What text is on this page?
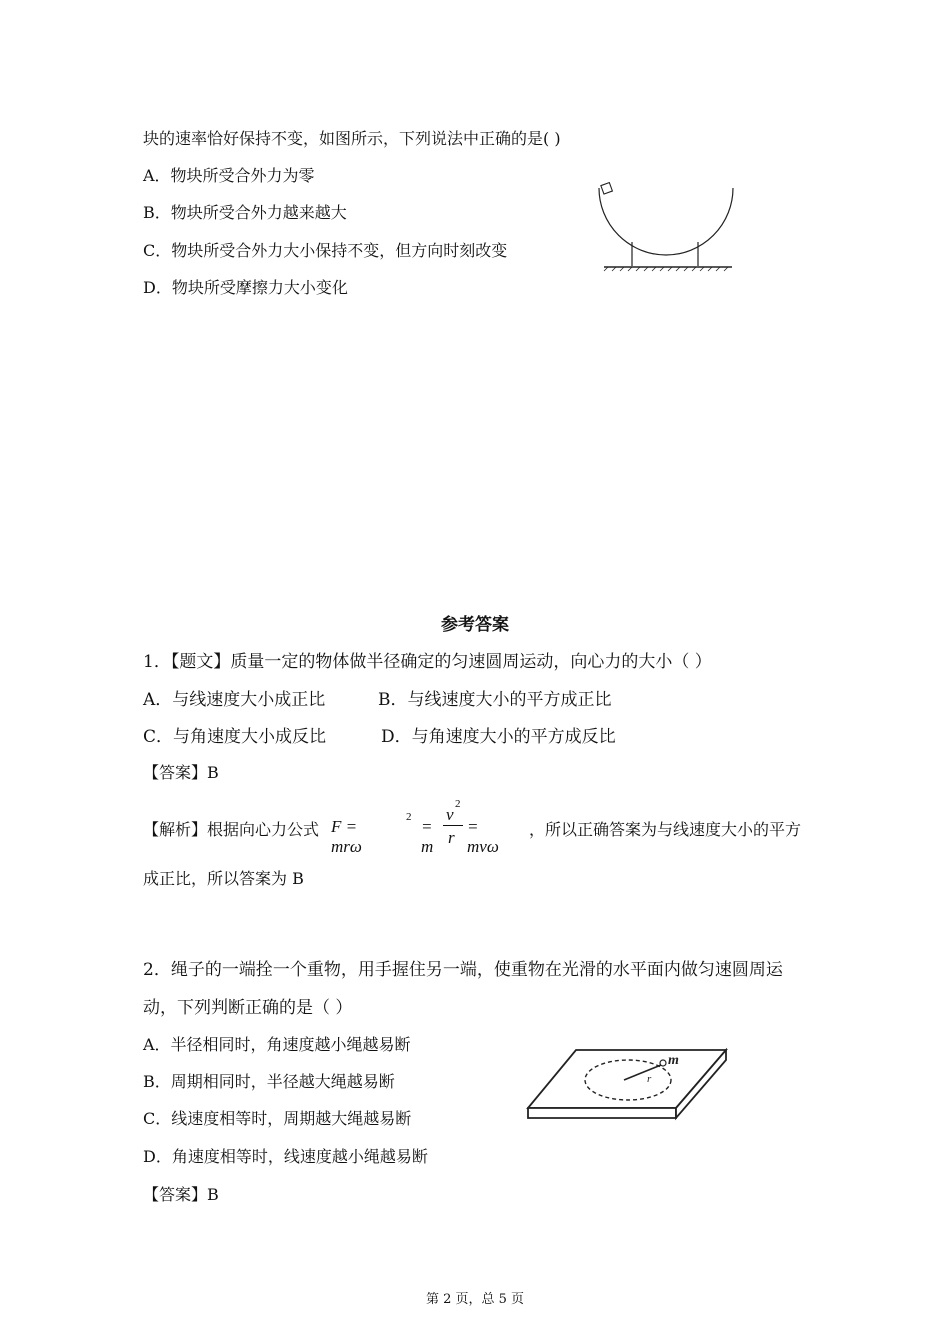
块的速率恰好保持不变，如图所示，下列说法中正确的是( )
A．物块所受合外力为零
B．物块所受合外力越来越大
C．物块所受合外力大小保持不变，但方向时刻改变
D．物块所受摩擦力大小变化
参考答案
1．【题文】质量一定的物体做半径确定的匀速圆周运动，向心力的大小（ ）
A．与线速度大小成正比	B．与线速度大小的平方成正比
C．与角速度大小成反比	D．与角速度大小的平方成反比
【答案】B
【解析】根据向心力公式 F = mrω
2 = m
v
2
r
= mvω
，所以正确答案为与线速度大小的平方
成正比，所以答案为 B
2．绳子的一端拴一个重物，用手握住另一端，使重物在光滑的水平面内做匀速圆周运
动，下列判断正确的是（ ）
A．半径相同时，角速度越小绳越易断
B．周期相同时，半径越大绳越易断
C．线速度相等时，周期越大绳越易断
D．角速度相等时，线速度越小绳越易断
【答案】B
m
r
第 2 页，总 5 页
